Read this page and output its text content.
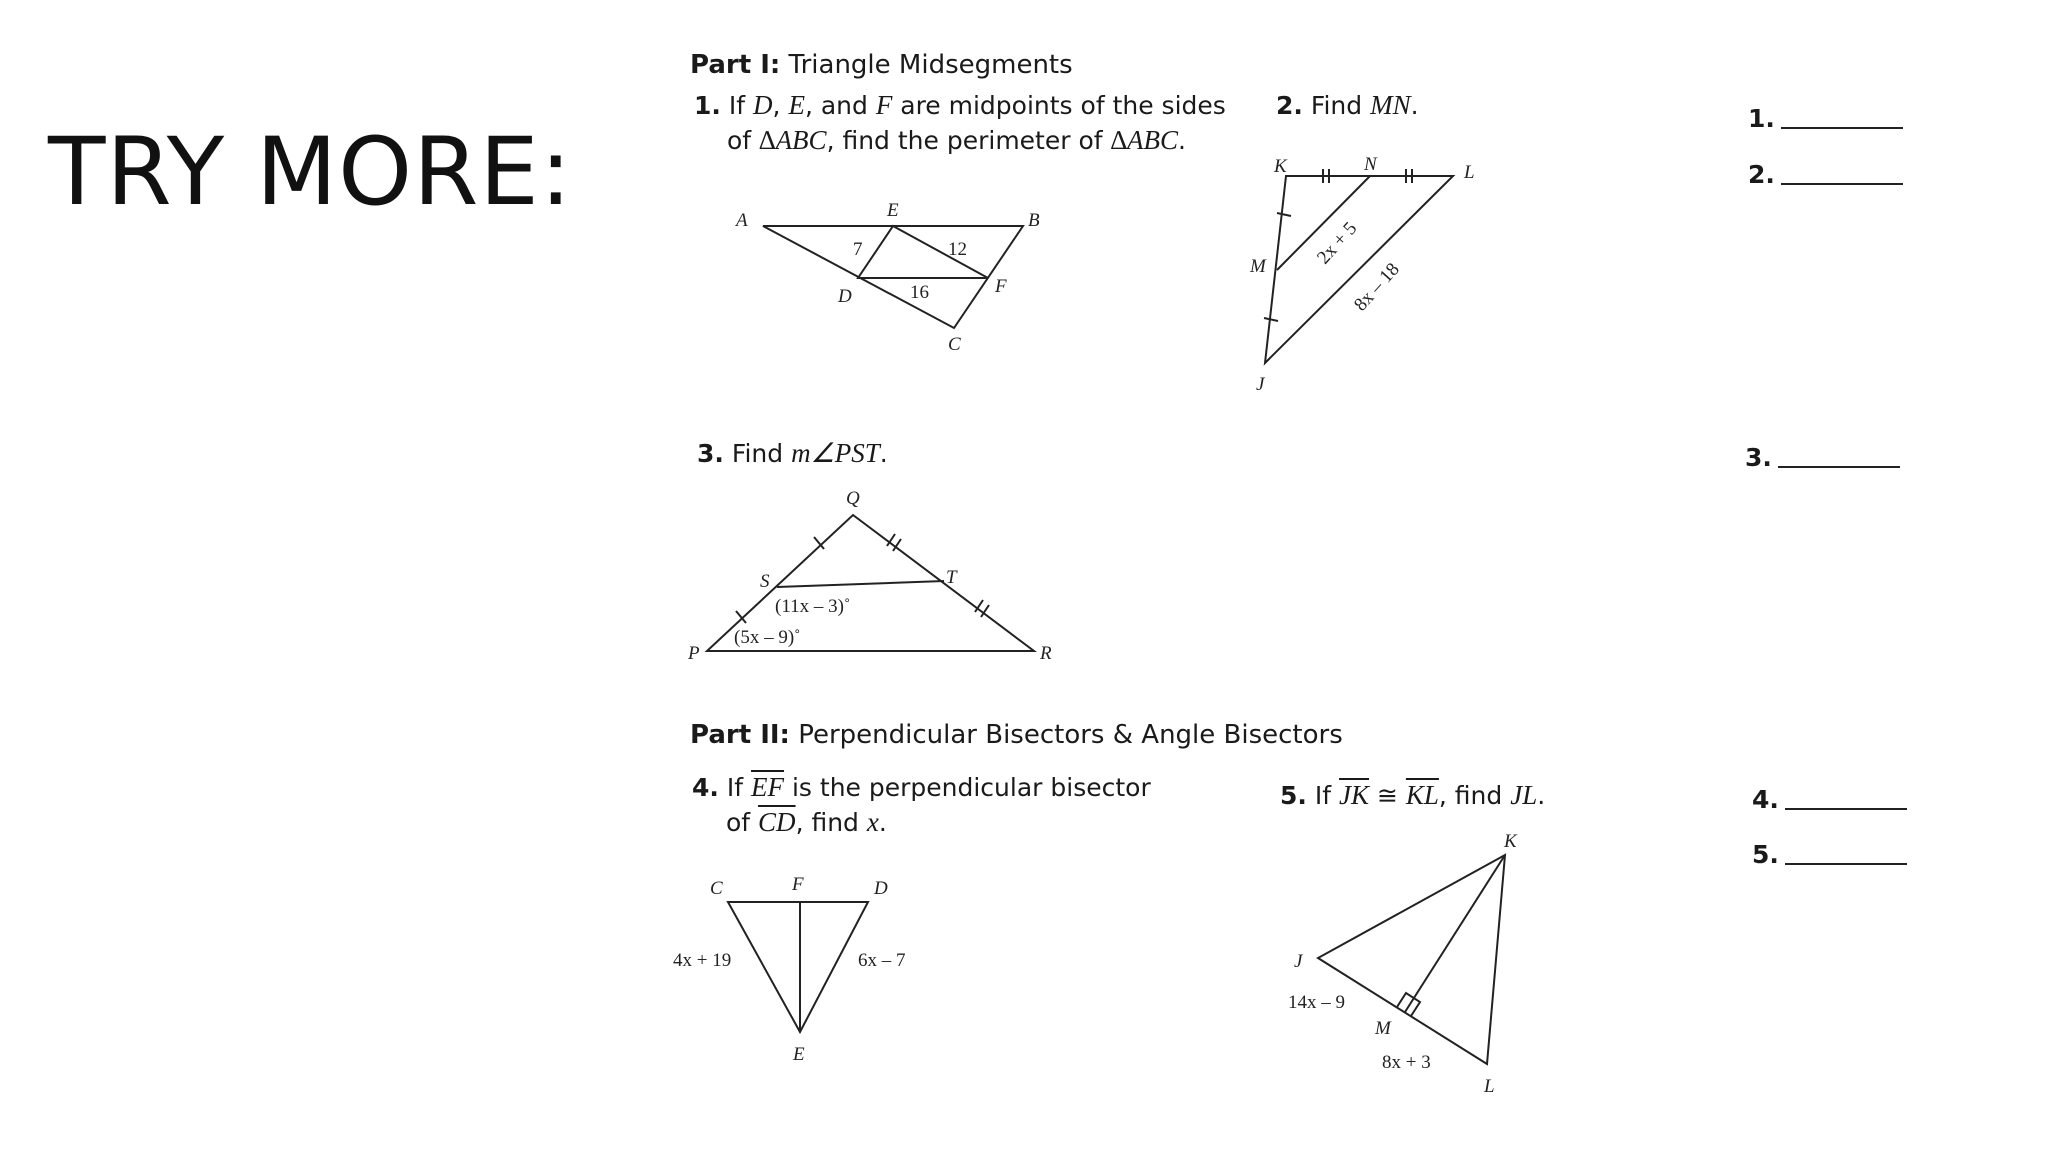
TRY MORE:
Part I: Triangle Midsegments
1. If D, E, and F are midpoints of the sides
of ∆ABC, find the perimeter of ∆ABC.
A	B
C
D
E
F
7	12
16
2. Find MN.
K	N	L
M
J
2x + 5
8x – 18
3. Find m∠PST.
Q
S	T
P	R
(11x – 3)˚
(5x – 9)˚
Part II: Perpendicular Bisectors & Angle Bisectors
4. If $\overline{EF}$ is the perpendicular bisector
of $\overline{CD}$, find x.
C	F	D
E
4x + 19	6x – 7
5. If $\overline{JK}$ ≅ $\overline{KL}$, find JL.
K
J
M
L
14x – 9
8x + 3
1.
2.
3.
4.
5.
